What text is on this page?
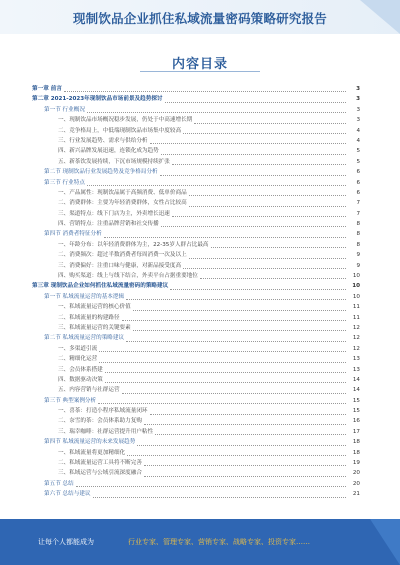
现制饮品企业抓住私域流量密码策略研究报告
内容目录
第一章 前言	3
第二章 2021-2023年现制饮品市场前景及趋势探讨	3
第一节 行业概况	3
一、现制饮品市场概况稳步发展，仍处于中高速增长期	3
二、竞争格局上，中低端现制饮品市场集中度较高	4
三、行业发展趋势、需求与供给分析	4
四、新兴品牌发展迅速，连锁化成为趋势	5
五、新茶饮发展持续，下沉市场规模持续扩张	5
第二节 现制饮品行业发展趋势及竞争格局分析	6
第三节 行业特点	6
一、产品属性：现制饮品属于高频消费、低单价商品	6
二、消费群体：主要为年轻消费群体，女性占比较高	7
三、渠道特点：线下门店为主，外卖增长迅速	7
四、营销特点：注重品牌营销和社交传播	8
第四节 消费者特征分析	8
一、年龄分布：以年轻消费群体为主，22-35岁人群占比最高	8
二、消费频次：超过半数消费者每周消费一次及以上	9
三、消费偏好：注重口味与健康，对新品接受度高	9
四、购买渠道：线上与线下结合，外卖平台占据重要地位	10
第三章 现制饮品企业如何抓住私域流量密码的策略建议	10
第一节 私域流量运营的基本逻辑	10
一、私域流量运营的核心价值	11
二、私域流量的构建路径	11
三、私域流量运营的关键要素	12
第二节 私域流量运营的策略建议	12
一、多渠道引流	12
二、精细化运营	13
三、会员体系搭建	13
四、数据驱动决策	14
五、内容营销与社群运营	14
第三节 典型案例分析	15
一、喜茶：打造小程序私域流量闭环	15
二、奈雪的茶：会员体系助力复购	16
三、瑞幸咖啡：社群运营提升用户粘性	17
第四节 私域流量运营的未来发展趋势	18
一、私域流量将更加精细化	18
二、私域流量运营工具将不断完善	19
三、私域运营与公域引流深度融合	20
第五节 总结	20
第六节 总结与建议	21
让每个人都能成为	行业专家、管理专家、营销专家、战略专家、投资专家……
